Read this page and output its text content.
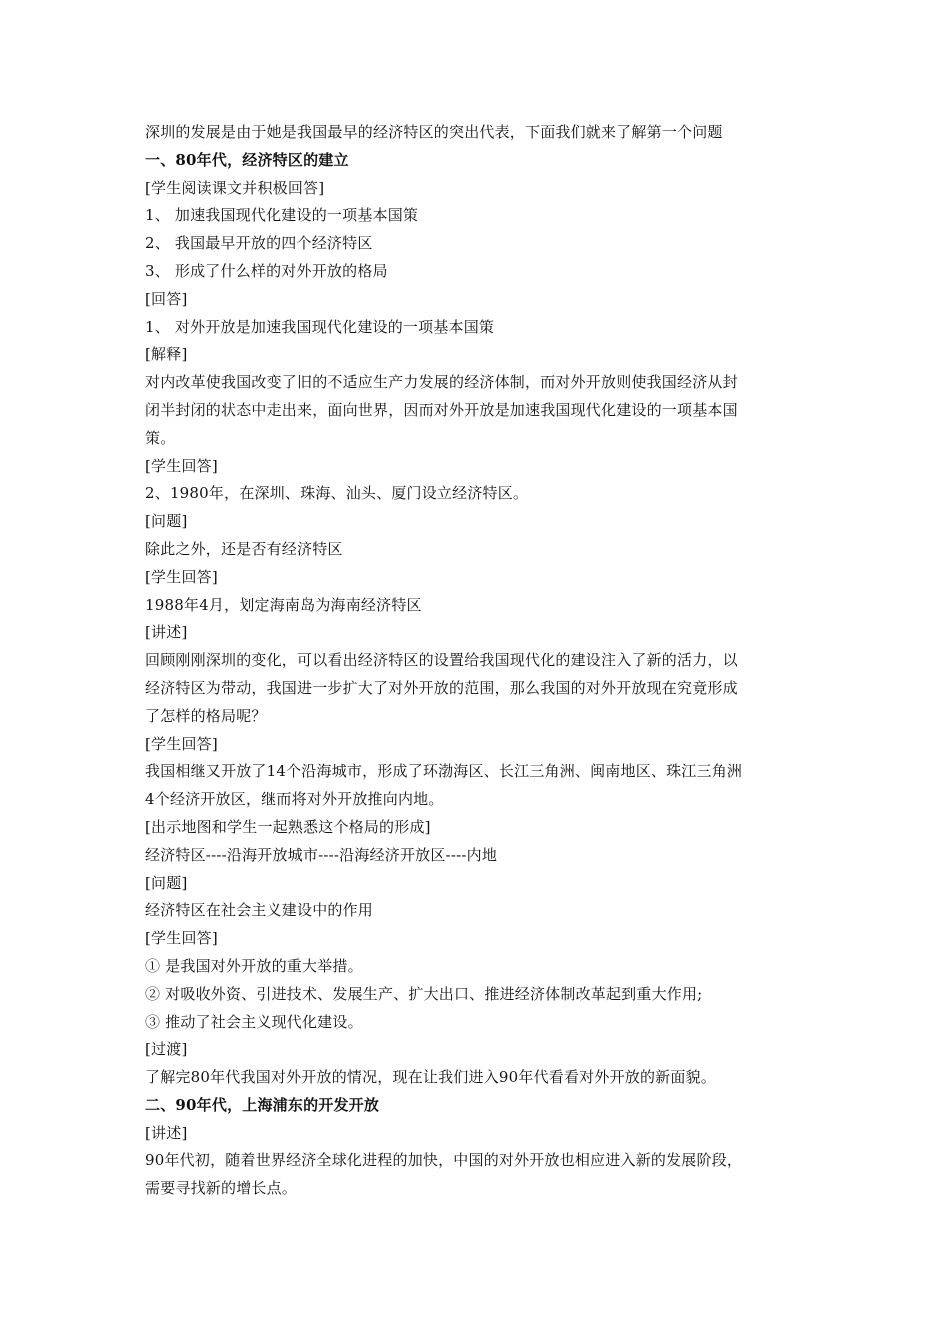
深圳的发展是由于她是我国最早的经济特区的突出代表，下面我们就来了解第一个问题
一、80年代，经济特区的建立
[学生阅读课文并积极回答]
1、 加速我国现代化建设的一项基本国策
2、 我国最早开放的四个经济特区
3、 形成了什么样的对外开放的格局
[回答]
1、 对外开放是加速我国现代化建设的一项基本国策
[解释]
对内改革使我国改变了旧的不适应生产力发展的经济体制，而对外开放则使我国经济从封
闭半封闭的状态中走出来，面向世界，因而对外开放是加速我国现代化建设的一项基本国
策。
[学生回答]
2、1980年，在深圳、珠海、汕头、厦门设立经济特区。
[问题]
除此之外，还是否有经济特区
[学生回答]
1988年4月，划定海南岛为海南经济特区
[讲述]
回顾刚刚深圳的变化，可以看出经济特区的设置给我国现代化的建设注入了新的活力，以
经济特区为带动，我国进一步扩大了对外开放的范围，那么我国的对外开放现在究竟形成
了怎样的格局呢？
[学生回答]
我国相继又开放了14个沿海城市，形成了环渤海区、长江三角洲、闽南地区、珠江三角洲
4个经济开放区，继而将对外开放推向内地。
[出示地图和学生一起熟悉这个格局的形成]
经济特区----沿海开放城市----沿海经济开放区----内地
[问题]
经济特区在社会主义建设中的作用
[学生回答]
① 是我国对外开放的重大举措。
② 对吸收外资、引进技术、发展生产、扩大出口、推进经济体制改革起到重大作用;
③ 推动了社会主义现代化建设。
[过渡]
了解完80年代我国对外开放的情况，现在让我们进入90年代看看对外开放的新面貌。
二、90年代，上海浦东的开发开放
[讲述]
90年代初，随着世界经济全球化进程的加快，中国的对外开放也相应进入新的发展阶段，
需要寻找新的增长点。
